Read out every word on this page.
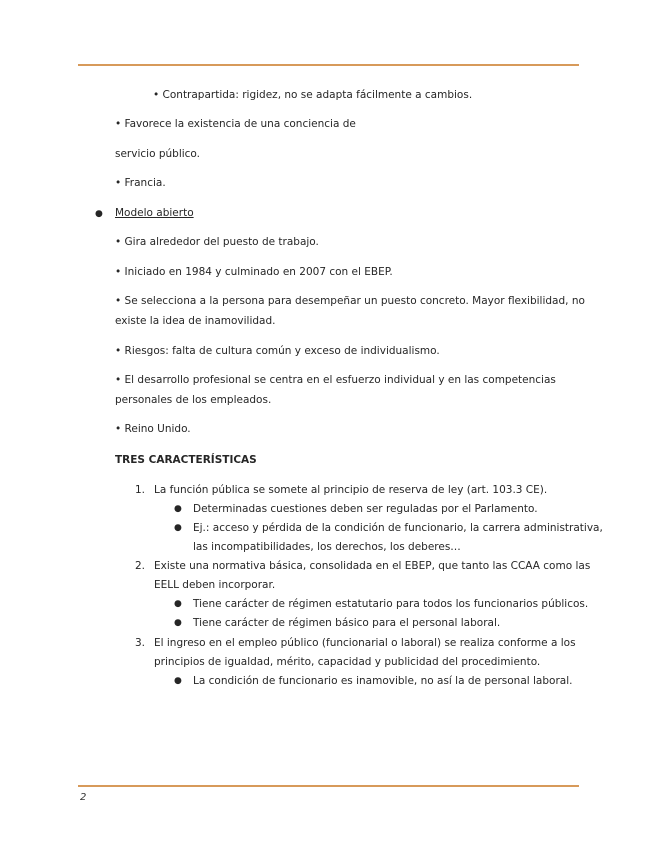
• Contrapartida: rigidez, no se adapta fácilmente a cambios.
• Favorece la existencia de una conciencia de
servicio público.
• Francia.
● Modelo abierto
• Gira alrededor del puesto de trabajo.
• Iniciado en 1984 y culminado en 2007 con el EBEP.
• Se selecciona a la persona para desempeñar un puesto concreto. Mayor flexibilidad, no
existe la idea de inamovilidad.
• Riesgos: falta de cultura común y exceso de individualismo.
• El desarrollo profesional se centra en el esfuerzo individual y en las competencias
personales de los empleados.
• Reino Unido.
TRES CARACTERÍSTICAS
1. La función pública se somete al principio de reserva de ley (art. 103.3 CE).
● Determinadas cuestiones deben ser reguladas por el Parlamento.
● Ej.: acceso y pérdida de la condición de funcionario, la carrera administrativa,
las incompatibilidades, los derechos, los deberes…
2. Existe una normativa básica, consolidada en el EBEP, que tanto las CCAA como las
EELL deben incorporar.
● Tiene carácter de régimen estatutario para todos los funcionarios públicos.
● Tiene carácter de régimen básico para el personal laboral.
3. El ingreso en el empleo público (funcionarial o laboral) se realiza conforme a los
principios de igualdad, mérito, capacidad y publicidad del procedimiento.
● La condición de funcionario es inamovible, no así la de personal laboral.
2
